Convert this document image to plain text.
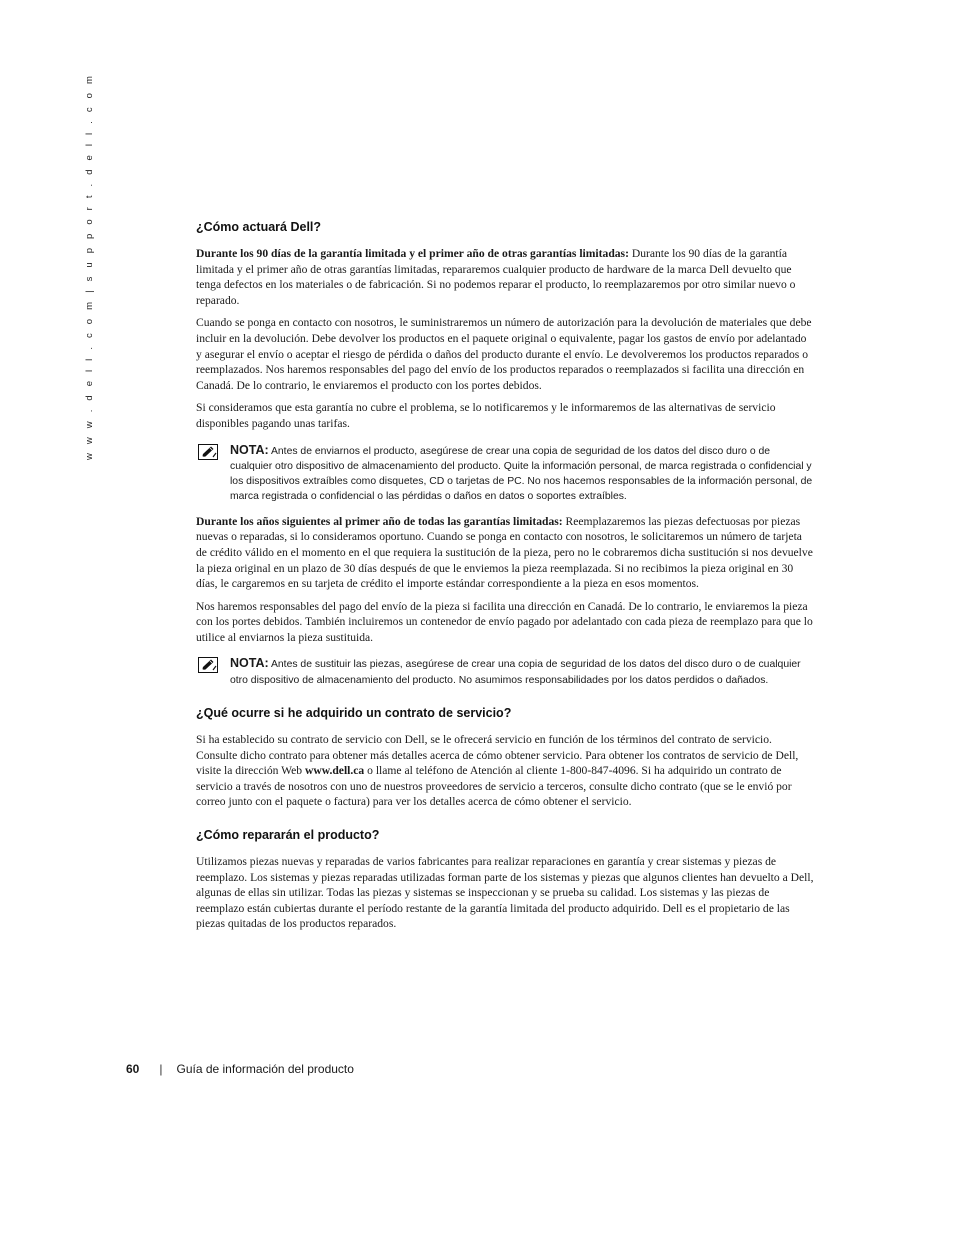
w w w . d e l l . c o m | s u p p o r t . d e l l . c o m	¿Cómo actuará Dell?

Durante los 90 días de la garantía limitada y el primer año de otras garantías limitadas: Durante los 90 días de la garantía limitada y el primer año de otras garantías limitadas, repararemos cualquier producto de hardware de la marca Dell devuelto que tenga defectos en los materiales o de fabricación. Si no podemos reparar el producto, lo reemplazaremos por otro similar nuevo o reparado.

Cuando se ponga en contacto con nosotros, le suministraremos un número de autorización para la devolución de materiales que debe incluir en la devolución. Debe devolver los productos en el paquete original o equivalente, pagar los gastos de envío por adelantado y asegurar el envío o aceptar el riesgo de pérdida o daños del producto durante el envío. Le devolveremos los productos reparados o reemplazados. Nos haremos responsables del pago del envío de los productos reparados o reemplazados si facilita una dirección en Canadá. De lo contrario, le enviaremos el producto con los portes debidos.

Si consideramos que esta garantía no cubre el problema, se lo notificaremos y le informaremos de las alternativas de servicio disponibles pagando unas tarifas.

NOTA: Antes de enviarnos el producto, asegúrese de crear una copia de seguridad de los datos del disco duro o de cualquier otro dispositivo de almacenamiento del producto. Quite la información personal, de marca registrada o confidencial y los dispositivos extraíbles como disquetes, CD o tarjetas de PC. No nos hacemos responsables de la información personal, de marca registrada o confidencial o las pérdidas o daños en datos o soportes extraíbles.

Durante los años siguientes al primer año de todas las garantías limitadas: Reemplazaremos las piezas defectuosas por piezas nuevas o reparadas, si lo consideramos oportuno. Cuando se ponga en contacto con nosotros, le solicitaremos un número de tarjeta de crédito válido en el momento en el que requiera la sustitución de la pieza, pero no le cobraremos dicha sustitución si nos devuelve la pieza original en un plazo de 30 días después de que le enviemos la pieza reemplazada. Si no recibimos la pieza original en 30 días, le cargaremos en su tarjeta de crédito el importe estándar correspondiente a la pieza en esos momentos.

Nos haremos responsables del pago del envío de la pieza si facilita una dirección en Canadá. De lo contrario, le enviaremos la pieza con los portes debidos. También incluiremos un contenedor de envío pagado por adelantado con cada pieza de reemplazo para que lo utilice al enviarnos la pieza sustituida.

NOTA: Antes de sustituir las piezas, asegúrese de crear una copia de seguridad de los datos del disco duro o de cualquier otro dispositivo de almacenamiento del producto. No asumimos responsabilidades por los datos perdidos o dañados.
¿Qué ocurre si he adquirido un contrato de servicio?

Si ha establecido su contrato de servicio con Dell, se le ofrecerá servicio en función de los términos del contrato de servicio. Consulte dicho contrato para obtener más detalles acerca de cómo obtener servicio. Para obtener los contratos de servicio de Dell, visite la dirección Web www.dell.ca o llame al teléfono de Atención al cliente 1-800-847-4096. Si ha adquirido un contrato de servicio a través de nosotros con uno de nuestros proveedores de servicio a terceros, consulte dicho contrato (que se le envió por correo junto con el paquete o factura) para ver los detalles acerca de cómo obtener el servicio.

¿Cómo repararán el producto?

Utilizamos piezas nuevas y reparadas de varios fabricantes para realizar reparaciones en garantía y crear sistemas y piezas de reemplazo. Los sistemas y piezas reparadas utilizadas forman parte de los sistemas y piezas que algunos clientes han devuelto a Dell, algunas de ellas sin utilizar. Todas las piezas y sistemas se inspeccionan y se prueba su calidad. Los sistemas y las piezas de reemplazo están cubiertas durante el período restante de la garantía limitada del producto adquirido. Dell es el propietario de las piezas quitadas de los productos reparados.

60 | Guía de información del producto
